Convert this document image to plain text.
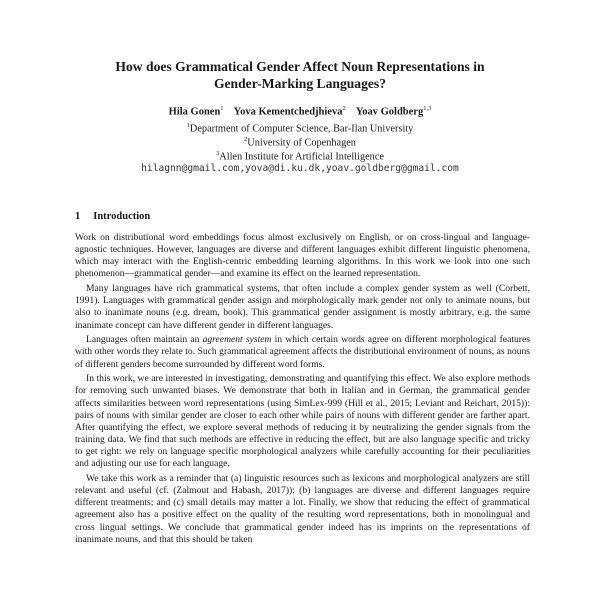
How does Grammatical Gender Affect Noun Representations in
Gender-Marking Languages?
Hila Gonen$^1$ Yova Kementchedjhieva$^2$ Yoav Goldberg$^{1,3}$
$^1$Department of Computer Science, Bar-Ilan University
$^2$University of Copenhagen
$^3$Allen Institute for Artificial Intelligence
hilagnn@gmail.com,yova@di.ku.dk,yoav.goldberg@gmail.com
1 Introduction

Work on distributional word embeddings focus almost exclusively on English, or on cross-lingual and language-agnostic techniques. However, languages are diverse and different languages exhibit different linguistic phenomena, which may interact with the English-centric embedding learning algorithms. In this work we look into one such phenomenon—grammatical gender—and examine its effect on the learned representation.

Many languages have rich grammatical systems, that often include a complex gender system as well (Corbett, 1991). Languages with grammatical gender assign and morphologically mark gender not only to animate nouns, but also to inanimate nouns (e.g. dream, book). This grammatical gender assignment is mostly arbitrary, e.g. the same inanimate concept can have different gender in different languages.

Languages often maintain an agreement system in which certain words agree on different morphological features with other words they relate to. Such grammatical agreement affects the distributional environment of nouns, as nouns of different genders become surrounded by different word forms.

In this work, we are interested in investigating, demonstrating and quantifying this effect. We also explore methods for removing such unwanted biases. We demonstrate that both in Italian and in German, the grammatical gender affects similarities between word representations (using SimLex-999 (Hill et al., 2015; Leviant and Reichart, 2015)): pairs of nouns with similar gender are closer to each other while pairs of nouns with different gender are farther apart. After quantifying the effect, we explore several methods of reducing it by neutralizing the gender signals from the training data. We find that such methods are effective in reducing the effect, but are also language specific and tricky to get right: we rely on language specific morphological analyzers while carefully accounting for their peculiarities and adjusting our use for each language.

We take this work as a reminder that (a) linguistic resources such as lexicons and morphological analyzers are still relevant and useful (cf. (Zalmout and Habash, 2017)); (b) languages are diverse and different languages require different treatments; and (c) small details may matter a lot. Finally, we show that reducing the effect of grammatical agreement also has a positive effect on the quality of the resulting word representations, both in monolingual and cross lingual settings. We conclude that grammatical gender indeed has its imprints on the representations of inanimate nouns, and that this should be taken
